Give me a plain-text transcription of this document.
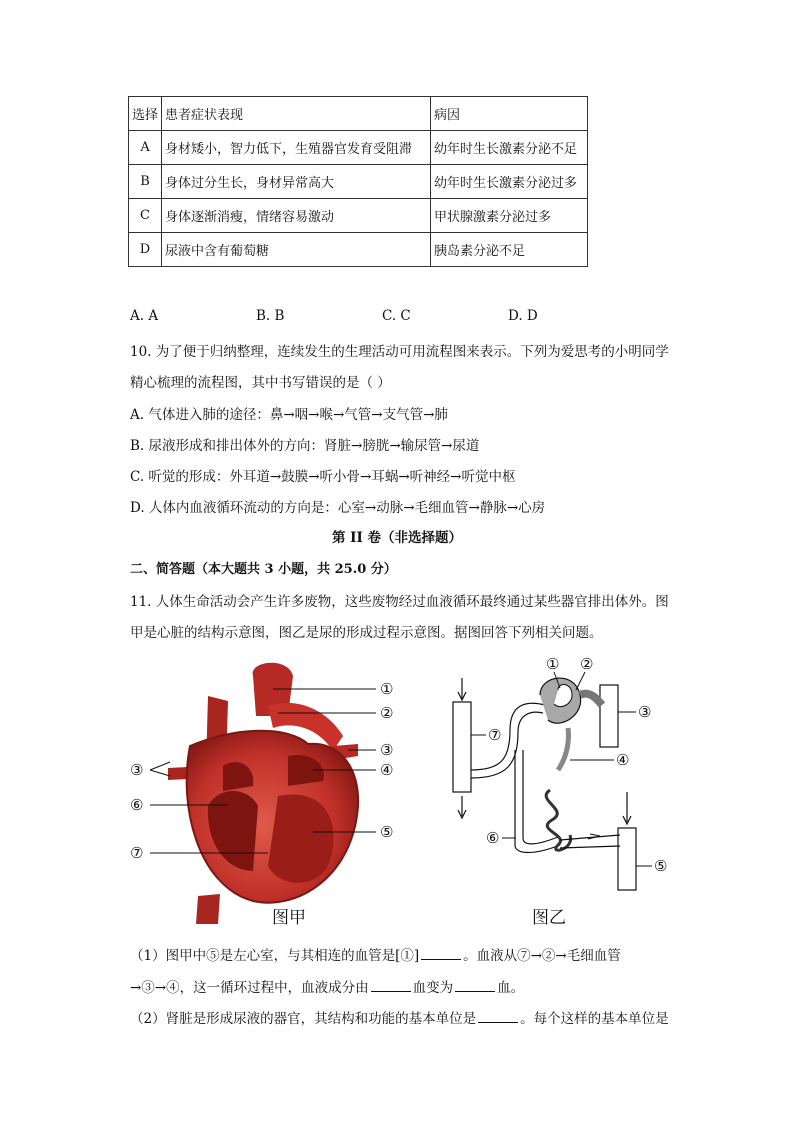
选择	患者症状表现	病因
A	身材矮小，智力低下，生殖器官发育受阻滞	幼年时生长激素分泌不足
B	身体过分生长，身材异常高大	幼年时生长激素分泌过多
C	身体逐渐消瘦，情绪容易激动	甲状腺激素分泌过多
D	尿液中含有葡萄糖	胰岛素分泌不足
A. A	B. B	C. C	D. D
10. 为了便于归纳整理，连续发生的生理活动可用流程图来表示。下列为爱思考的小明同学
精心梳理的流程图，其中书写错误的是（ ）
A. 气体进入肺的途径：鼻→咽→喉→气管→支气管→肺
B. 尿液形成和排出体外的方向：肾脏→膀胱→输尿管→尿道
C. 听觉的形成：外耳道→鼓膜→听小骨→耳蜗→听神经→听觉中枢
D. 人体内血液循环流动的方向是：心室→动脉→毛细血管→静脉→心房
第 II 卷（非选择题）
二、简答题（本大题共 3 小题，共 25.0 分）
11. 人体生命活动会产生许多废物，这些废物经过血液循环最终通过某些器官排出体外。图
甲是心脏的结构示意图，图乙是尿的形成过程示意图。据图回答下列相关问题。
①
②
③
④
⑤
③
⑥
⑦
图甲
① ②
③
④
⑦
⑥
⑤
图乙
（1）图甲中⑤是左心室，与其相连的血管是[①]	。血液从⑦→②→毛细血管
→③→④，这一循环过程中，血液成分由	血变为	血。
（2）肾脏是形成尿液的器官，其结构和功能的基本单位是	。每个这样的基本单位是
